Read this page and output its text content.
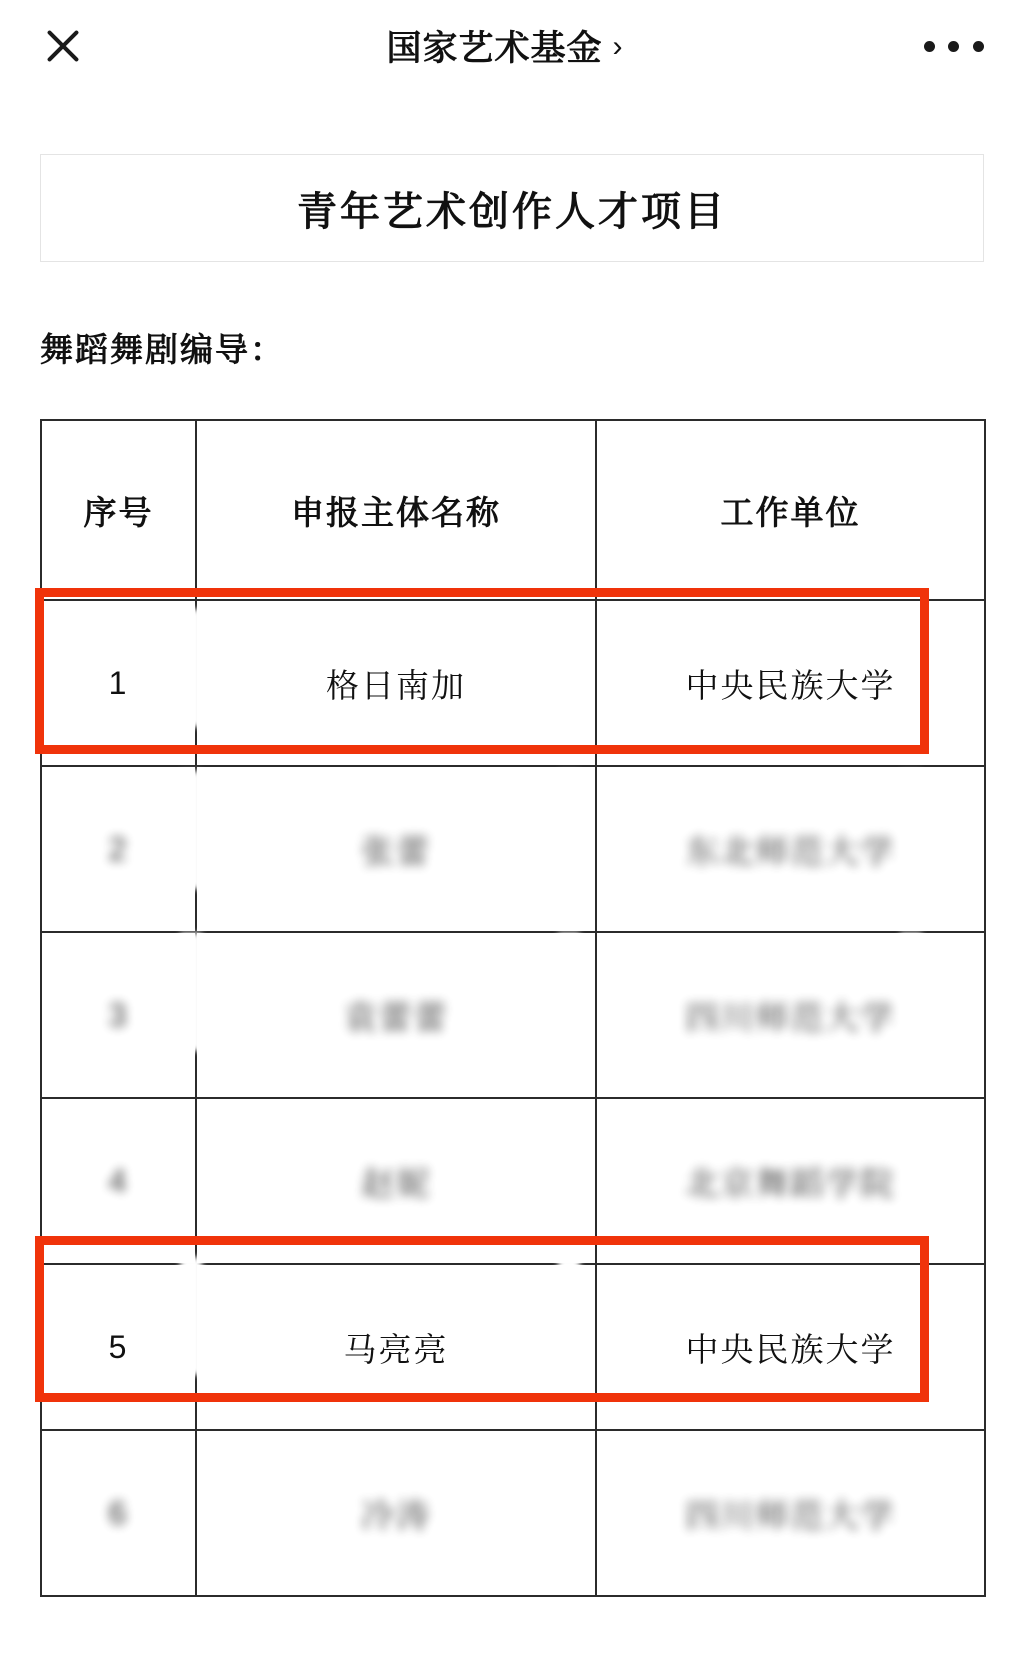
国家艺术基金 ›
青年艺术创作人才项目
舞蹈舞剧编导：
序号	申报主体名称	工作单位
1	格日南加	中央民族大学
2	张蕾	东北师范大学
3	袁蕾蕾	四川师范大学
4	赵妮	北京舞蹈学院
5	马亮亮	中央民族大学
6	冷涛	四川师范大学
